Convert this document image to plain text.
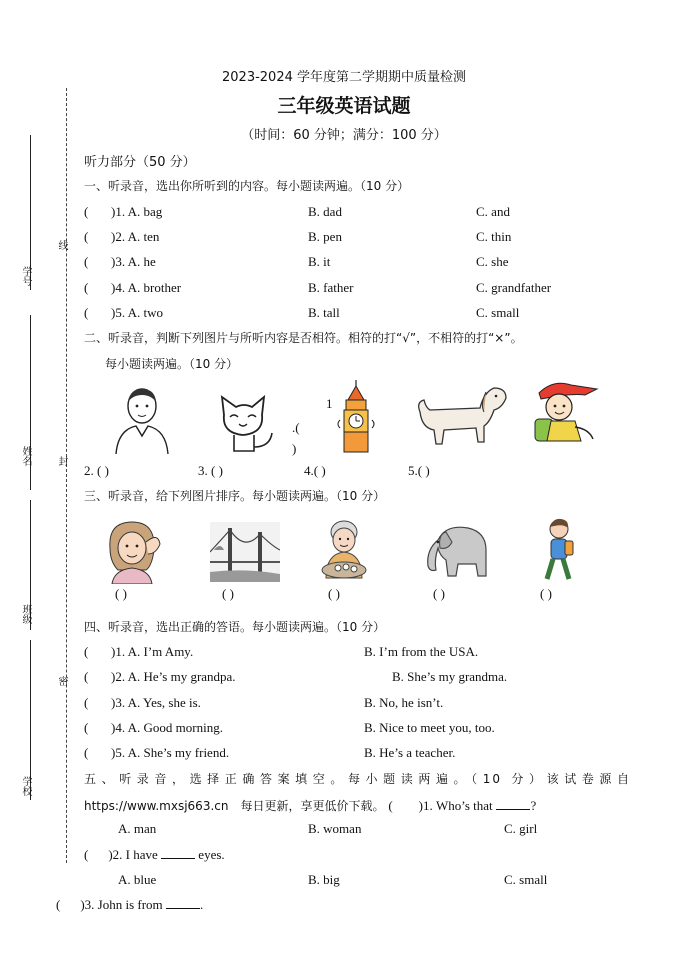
学号
姓名
班级
学校
线
封
密
2023-2024 学年度第二学期期中质量检测
三年级英语试题
（时间：60 分钟；满分：100 分）
听力部分（50 分）
一、听录音，选出你所听到的内容。每小题读两遍。（10 分）
( )1. A. bag	B. dad	C. and
( )2. A. ten	B. pen	C. thin
( )3. A. he	B. it	C. she
( )4. A. brother	B. father	C. grandfather
( )5. A. two	B. tall	C. small
二、听录音，判断下列图片与所听内容是否相符。相符的打“√”，不相符的打“×”。
每小题读两遍。（10 分）
.(
)
1
2. ( )	3. ( )	4.( )	5.( )
三、听录音，给下列图片排序。每小题读两遍。（10 分）
( )	( )	( )	( )	( )
四、听录音，选出正确的答语。每小题读两遍。（10 分）
( )1. A. I’m Amy.	B. I’m from the USA.
( )2. A. He’s my grandpa.	B. She’s my grandma.
( )3. A. Yes, she is.	B. No, he isn’t.
( )4. A. Good morning.	B. Nice to meet you, too.
( )5. A. She’s my friend.	B. He’s a teacher.
五、听录音，选择正确答案填空。每小题读两遍。（10 分）该试卷源自
https://www.mxsj663.cn　每日更新，享更低价下载。 (　　)1. Who’s that	?
A. man	B. woman	C. girl
( )2. I have	eyes.
A. blue	B. big	C. small
( )3. John is from	.
